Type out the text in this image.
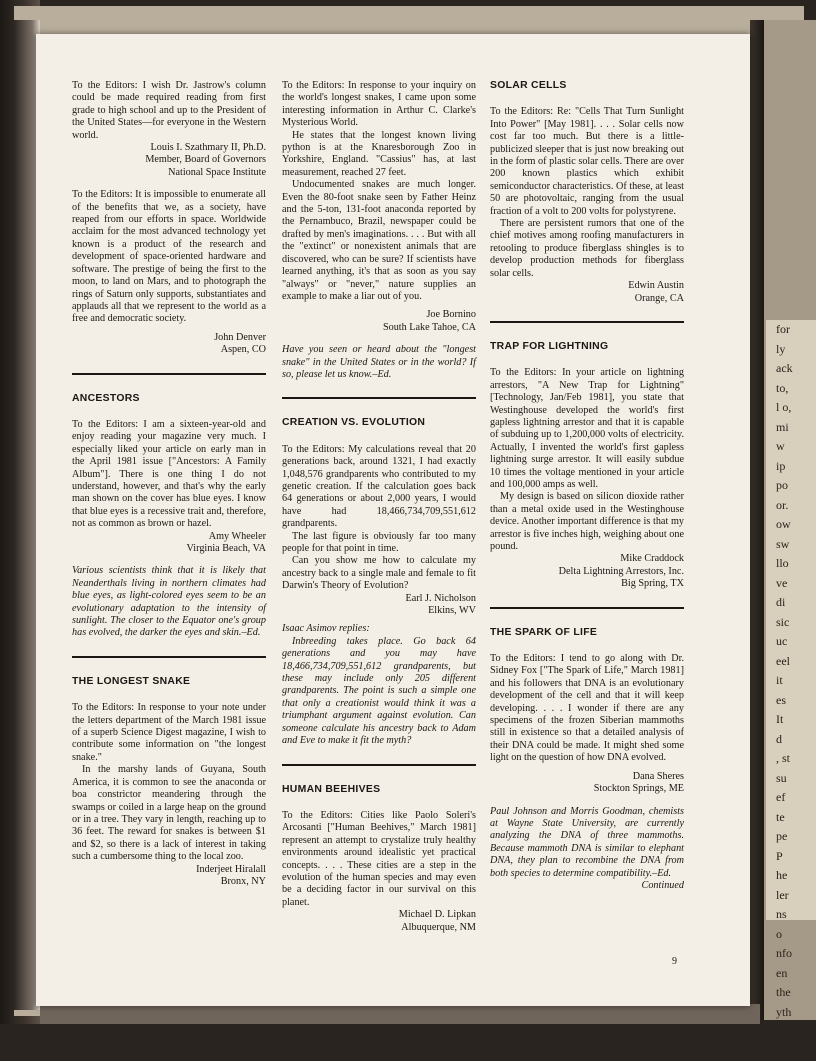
for
ly
ack
to,
l o,
mi
w
ip
po
or.
ow
sw
llo
ve
di
sic
uc
eel
it
es
It
d
, st
su
ef
te
pe
P
he
ler
ns
o
nfo
en
the
yth
ic
Pyt

To the Editors: I wish Dr. Jastrow's column could be made required reading from first grade to high school and up to the President of the United States—for everyone in the Western world.

Louis I. Szathmary II, Ph.D.

Member, Board of Governors

National Space Institute

To the Editors: It is impossible to enumerate all of the benefits that we, as a society, have reaped from our efforts in space. Worldwide acclaim for the most advanced technology yet known is a product of the research and development of space-oriented hardware and software. The prestige of being the first to the moon, to land on Mars, and to photograph the rings of Saturn only supports, substantiates and applauds all that we represent to the world as a free and democratic society.

John Denver

Aspen, CO

ANCESTORS

To the Editors: I am a sixteen-year-old and enjoy reading your magazine very much. I especially liked your article on early man in the April 1981 issue ["Ancestors: A Family Album"]. There is one thing I do not understand, however, and that's why the early man shown on the cover has blue eyes. I know that blue eyes is a recessive trait and, therefore, not as common as brown or hazel.

Amy Wheeler

Virginia Beach, VA

Various scientists think that it is likely that Neanderthals living in northern climates had blue eyes, as light-colored eyes seem to be an evolutionary adaptation to the intensity of sunlight. The closer to the Equator one's group has evolved, the darker the eyes and skin.–Ed.

THE LONGEST SNAKE

To the Editors: In response to your note under the letters department of the March 1981 issue of a superb Science Digest magazine, I wish to contribute some information on "the longest snake."

In the marshy lands of Guyana, South America, it is common to see the anaconda or boa constrictor meandering through the swamps or coiled in a large heap on the ground or in a tree. They vary in length, reaching up to 36 feet. The reward for snakes is between $1 and $2, so there is a lack of interest in taking such a cumbersome thing to the local zoo.

Inderjeet Hiralall

Bronx, NY

To the Editors: In response to your inquiry on the world's longest snakes, I came upon some interesting information in Arthur C. Clarke's Mysterious World.

He states that the longest known living python is at the Knaresborough Zoo in Yorkshire, England. "Cassius" has, at last measurement, reached 27 feet.

Undocumented snakes are much longer. Even the 80-foot snake seen by Father Heinz and the 5-ton, 131-foot anaconda reported by the Pernambuco, Brazil, newspaper could be drafted by men's imaginations. . . . But with all the "extinct" or nonexistent animals that are discovered, who can be sure? If scientists have learned anything, it's that as soon as you say "always" or "never," nature supplies an example to make a liar out of you.

Joe Bornino

South Lake Tahoe, CA

Have you seen or heard about the "longest snake" in the United States or in the world? If so, please let us know.–Ed.

CREATION VS. EVOLUTION

To the Editors: My calculations reveal that 20 generations back, around 1321, I had exactly 1,048,576 grandparents who contributed to my genetic creation. If the calculation goes back 64 generations or about 2,000 years, I would have had 18,466,734,709,551,612 grandparents.

The last figure is obviously far too many people for that point in time.

Can you show me how to calculate my ancestry back to a single male and female to fit Darwin's Theory of Evolution?

Earl J. Nicholson

Elkins, WV

Isaac Asimov replies:

Inbreeding takes place. Go back 64 generations and you may have 18,466,734,709,551,612 grandparents, but these may include only 205 different grandparents. The point is such a simple one that only a creationist would think it was a triumphant argument against evolution. Can someone calculate his ancestry back to Adam and Eve to make it fit the myth?

HUMAN BEEHIVES

To the Editors: Cities like Paolo Soleri's Arcosanti ["Human Beehives," March 1981] represent an attempt to crystalize truly healthy environments around idealistic yet practical concepts. . . . These cities are a step in the evolution of the human species and may even be a deciding factor in our survival on this planet.

Michael D. Lipkan

Albuquerque, NM

SOLAR CELLS

To the Editors: Re: "Cells That Turn Sunlight Into Power" [May 1981]. . . . Solar cells now cost far too much. But there is a little-publicized sleeper that is just now breaking out in the form of plastic solar cells. There are over 200 known plastics which exhibit semiconductor characteristics. Of these, at least 50 are photovoltaic, ranging from the usual fraction of a volt to 200 volts for polystyrene.

There are persistent rumors that one of the chief motives among roofing manufacturers in retooling to produce fiberglass shingles is to develop production methods for fiberglass solar cells.

Edwin Austin

Orange, CA

TRAP FOR LIGHTNING

To the Editors: In your article on lightning arrestors, "A New Trap for Lightning" [Technology, Jan/Feb 1981], you state that Westinghouse developed the world's first gapless lightning arrestor and that it is capable of subduing up to 1,200,000 volts of electricity. Actually, I invented the world's first gapless lightning surge arrestor. It will easily subdue 10 times the voltage mentioned in your article and 100,000 amps as well.

My design is based on silicon dioxide rather than a metal oxide used in the Westinghouse device. Another important difference is that my arrestor is five inches high, weighing about one pound.

Mike Craddock

Delta Lightning Arrestors, Inc.

Big Spring, TX

THE SPARK OF LIFE

To the Editors: I tend to go along with Dr. Sidney Fox ["The Spark of Life," March 1981] and his followers that DNA is an evolutionary development of the cell and that it will keep developing. . . . I wonder if there are any specimens of the frozen Siberian mammoths still in existence so that a detailed analysis of their DNA could be made. It might shed some light on the question of how DNA evolved.

Dana Sheres

Stockton Springs, ME

Paul Johnson and Morris Goodman, chemists at Wayne State University, are currently analyzing the DNA of three mammoths. Because mammoth DNA is similar to elephant DNA, they plan to recombine the DNA from both species to determine compatibility.–Ed.

Continued

9
